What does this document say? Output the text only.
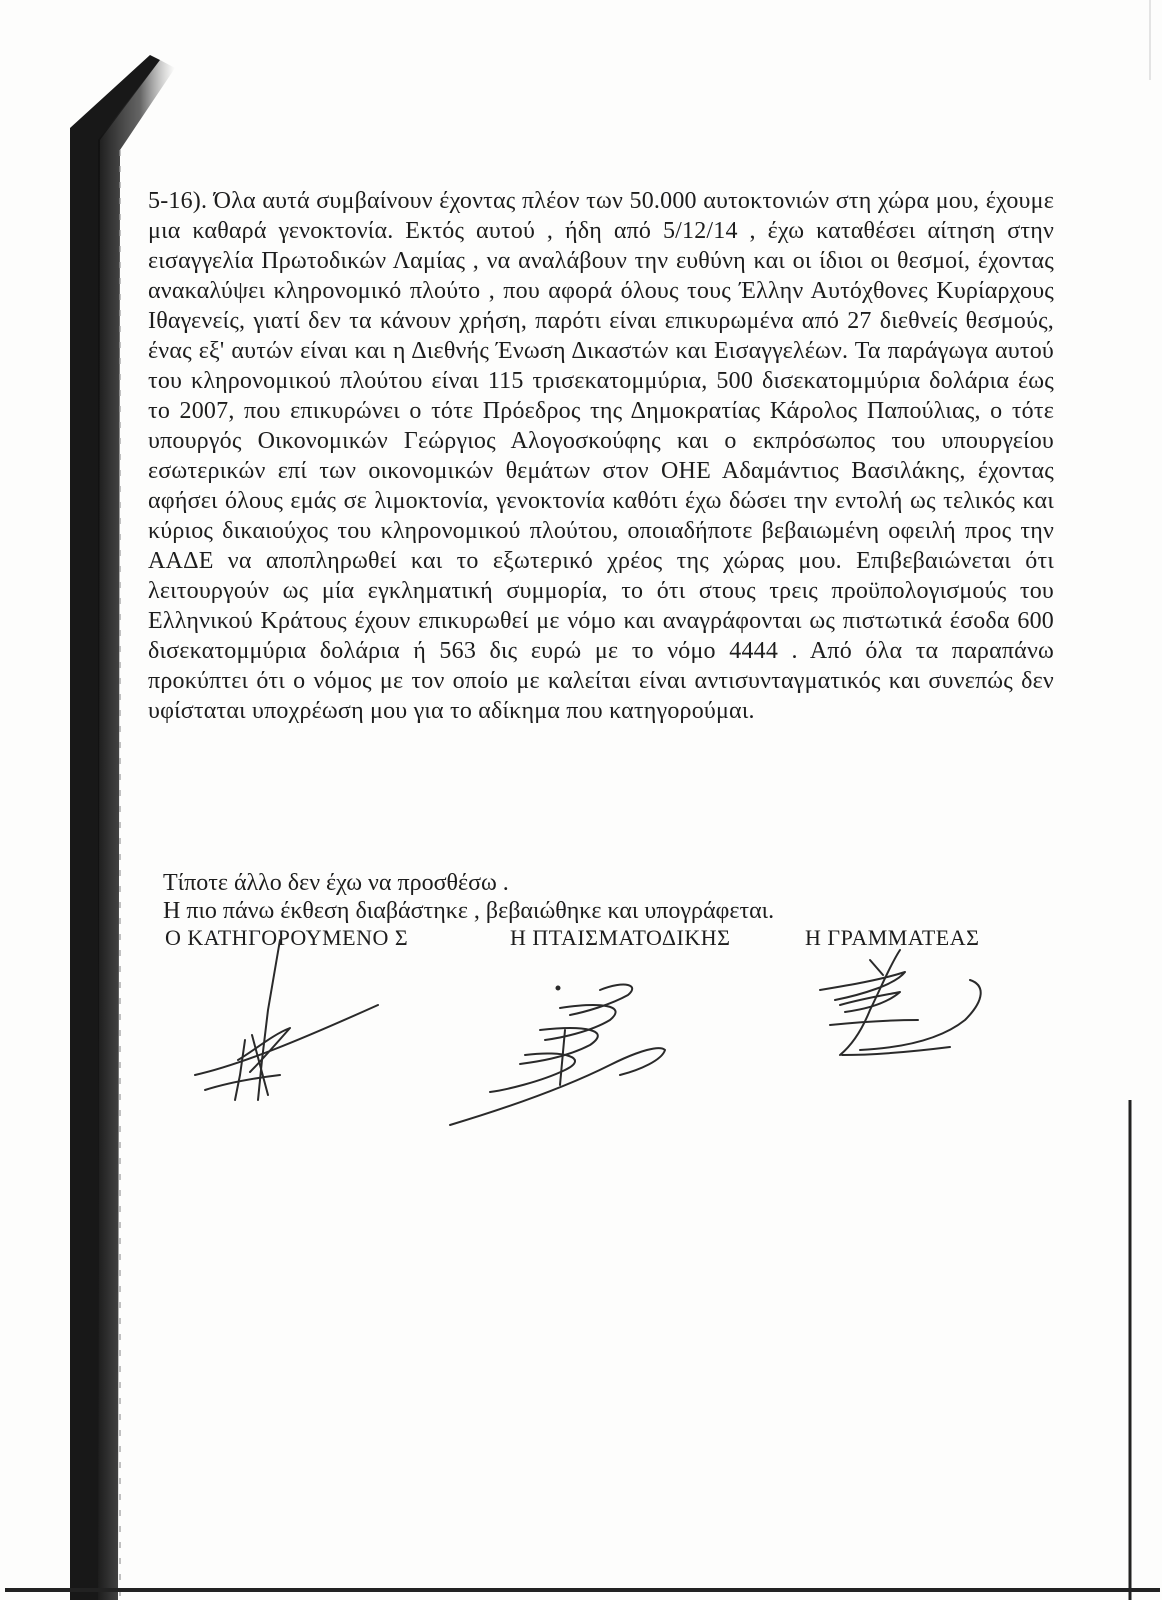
5-16). Όλα αυτά συμβαίνουν έχοντας πλέον των 50.000 αυτοκτονιών στη χώρα μου, έχουμε μια καθαρά γενοκτονία. Εκτός αυτού , ήδη από 5/12/14 , έχω καταθέσει αίτηση στην εισαγγελία Πρωτοδικών Λαμίας , να αναλάβουν την ευθύνη και οι ίδιοι οι θεσμοί, έχοντας ανακαλύψει κληρονομικό πλούτο , που αφορά όλους τους Έλλην Αυτόχθονες Κυρίαρχους Ιθαγενείς, γιατί δεν τα κάνουν χρήση, παρότι είναι επικυρωμένα από 27 διεθνείς θεσμούς, ένας εξ' αυτών είναι και η Διεθνής Ένωση Δικαστών και Εισαγγελέων. Τα παράγωγα αυτού του κληρονομικού πλούτου είναι 115 τρισεκατομμύρια, 500 δισεκατομμύρια δολάρια έως το 2007, που επικυρώνει ο τότε Πρόεδρος της Δημοκρατίας Κάρολος Παπούλιας, ο τότε υπουργός Οικονομικών Γεώργιος Αλογοσκούφης και ο εκπρόσωπος του υπουργείου εσωτερικών επί των οικονομικών θεμάτων στον ΟΗΕ Αδαμάντιος Βασιλάκης, έχοντας αφήσει όλους εμάς σε λιμοκτονία, γενοκτονία καθότι έχω δώσει την εντολή ως τελικός και κύριος δικαιούχος του κληρονομικού πλούτου, οποιαδήποτε βεβαιωμένη οφειλή προς την ΑΑΔΕ να αποπληρωθεί και το εξωτερικό χρέος της χώρας μου. Επιβεβαιώνεται ότι λειτουργούν ως μία εγκληματική συμμορία, το ότι στους τρεις προϋπολογισμούς του Ελληνικού Κράτους έχουν επικυρωθεί με νόμο και αναγράφονται ως πιστωτικά έσοδα 600 δισεκατομμύρια δολάρια ή 563 δις ευρώ με το νόμο 4444 . Από όλα τα παραπάνω προκύπτει ότι ο νόμος με τον οποίο με καλείται είναι αντισυνταγματικός και συνεπώς δεν υφίσταται υποχρέωση μου για το αδίκημα που κατηγορούμαι.
Τίποτε άλλο δεν έχω να προσθέσω .
Η πιο πάνω έκθεση διαβάστηκε , βεβαιώθηκε και υπογράφεται.
Ο ΚΑΤΗΓΟΡΟΥΜΕΝΟ Σ	Η ΠΤΑΙΣΜΑΤΟΔΙΚΗΣ	Η ΓΡΑΜΜΑΤΕΑΣ
